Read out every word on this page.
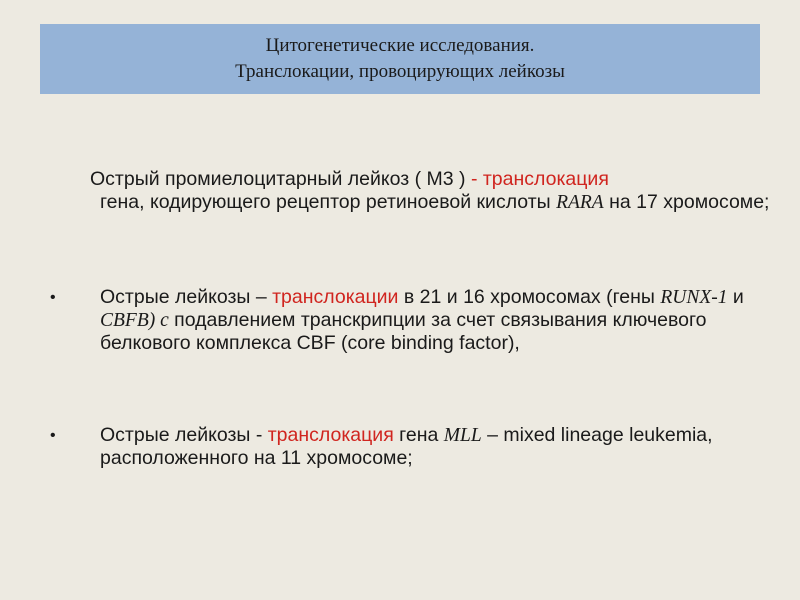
Цитогенетические исследования.
Транслокации, провоцирующих лейкозы
Острый промиелоцитарный лейкоз ( М3 ) - транслокация
гена, кодирующего рецептор ретиноевой кислоты RARA на 17 хромосоме;
• Острые лейкозы – транслокации в 21 и 16 хромосомах (гены RUNX-1 и CBFB) с подавлением транскрипции за счет связывания ключевого белкового комплекса CBF (core binding factor),
• Острые лейкозы - транслокация гена MLL – mixed lineage leukemia, расположенного на 11 хромосоме;
